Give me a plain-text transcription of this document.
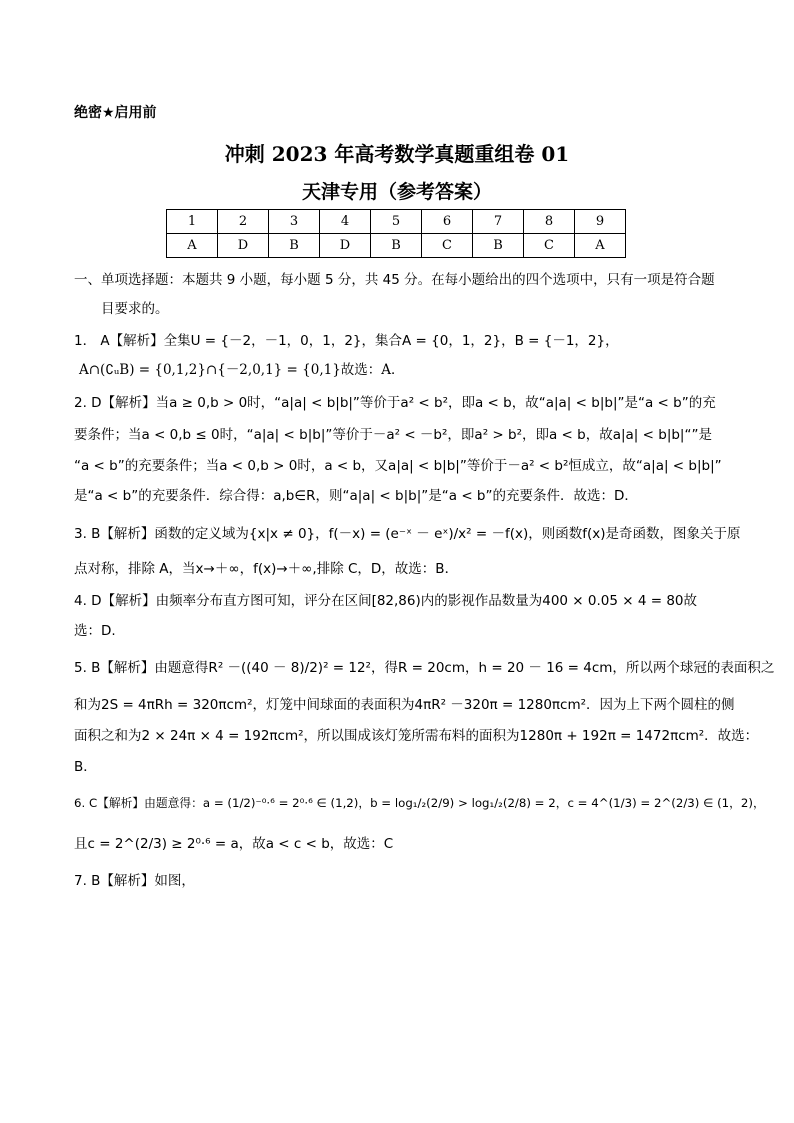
绝密★启用前
冲刺 2023 年高考数学真题重组卷 01
天津专用（参考答案）
1	2	3	4	5	6	7	8	9
A	D	B	D	B	C	B	C	A
一、单项选择题：本题共 9 小题，每小题 5 分，共 45 分。在每小题给出的四个选项中，只有一项是符合题
目要求的。
1． A【解析】全集U = {－2，－1，0，1，2}，集合A = {0，1，2}，B = {－1，2}，
A∩(∁ᵤB) = {0,1,2}∩{－2,0,1} = {0,1}故选：A．
2. D【解析】当a ≥ 0,b > 0时，“a|a| < b|b|”等价于a² < b²，即a < b，故“a|a| < b|b|”是“a < b”的充
要条件；当a < 0,b ≤ 0时，“a|a| < b|b|”等价于－a² < －b²，即a² > b²，即a < b，故a|a| < b|b|“”是
“a < b”的充要条件；当a < 0,b > 0时，a < b，又a|a| < b|b|”等价于－a² < b²恒成立，故“a|a| < b|b|”
是“a < b”的充要条件．综合得：a,b∈R，则“a|a| < b|b|”是“a < b”的充要条件．故选：D．
3. B【解析】函数的定义域为{x|x ≠ 0}，f(－x) = (e⁻ˣ － eˣ)/x² = －f(x)，则函数f(x)是奇函数，图象关于原
点对称，排除 A，当x→＋∞，f(x)→＋∞,排除 C，D，故选：B．
4. D【解析】由频率分布直方图可知，评分在区间[82,86)内的影视作品数量为400 × 0.05 × 4 = 80故
选：D.
5. B【解析】由题意得R² －((40 － 8)/2)² = 12²，得R = 20cm，h = 20 － 16 = 4cm，所以两个球冠的表面积之
和为2S = 4πRh = 320πcm²，灯笼中间球面的表面积为4πR² －320π = 1280πcm²．因为上下两个圆柱的侧
面积之和为2 × 24π × 4 = 192πcm²，所以围成该灯笼所需布料的面积为1280π + 192π = 1472πcm²．故选：
B．
6. C【解析】由题意得：a = (1/2)⁻⁰·⁶ = 2⁰·⁶ ∈ (1,2)，b = log₁/₂(2/9) > log₁/₂(2/8) = 2，c = 4^(1/3) = 2^(2/3) ∈ (1，2)，
且c = 2^(2/3) ≥ 2⁰·⁶ = a，故a < c < b，故选：C
7. B【解析】如图，
